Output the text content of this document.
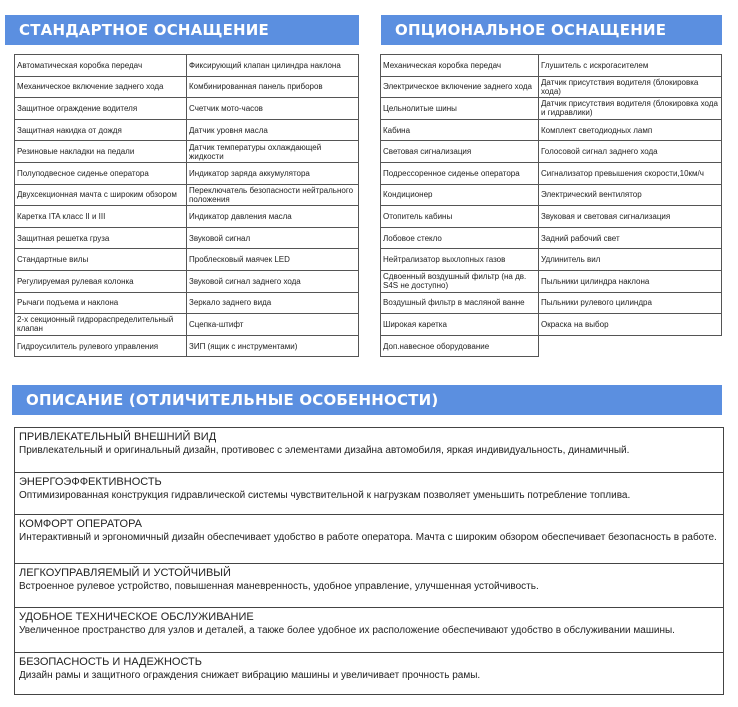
СТАНДАРТНОЕ ОСНАЩЕНИЕ	ОПЦИОНАЛЬНОЕ ОСНАЩЕНИЕ
Автоматическая коробка передач	Фиксирующий клапан цилиндра наклона
Механическое включение заднего хода	Комбинированная панель приборов
Защитное ограждение водителя	Счетчик мото-часов
Защитная накидка от дождя	Датчик уровня масла
Резиновые накладки на педали	Датчик температуры охлаждающей жидкости
Полуподвесное сиденье оператора	Индикатор заряда аккумулятора
Двухсекционная мачта с широким обзором	Переключатель безопасности нейтрального положения
Каретка ITA класс II и III	Индикатор давления масла
Защитная решетка груза	Звуковой сигнал
Стандартные вилы	Проблесковый маячек LED
Регулируемая рулевая колонка	Звуковой сигнал заднего хода
Рычаги подъема и наклона	Зеркало заднего вида
2-х секционный гидрораспределительный клапан	Сцепка-штифт
Гидроусилитель рулевого управления	ЗИП (ящик с инструментами)
Механическая коробка передач	Глушитель с искрогасителем
Электрическое включение заднего хода	Датчик присутствия водителя (блокировка хода)
Цельнолитые шины	Датчик присутствия водителя (блокировка хода и гидравлики)
Кабина	Комплект светодиодных ламп
Световая сигнализация	Голосовой сигнал заднего хода
Подрессоренное сиденье оператора	Сигнализатор превышения скорости,10км/ч
Кондиционер	Электрический вентилятор
Отопитель кабины	Звуковая и световая сигнализация
Лобовое стекло	Задний рабочий свет
Нейтрализатор выхлопных газов	Удлинитель вил
Сдвоенный воздушный фильтр (на дв. S4S не доступно)	Пыльники цилиндра наклона
Воздушный фильтр в масляной ванне	Пыльники рулевого цилиндра
Широкая каретка	Окраска на выбор
Доп.навесное оборудование	
ОПИСАНИЕ (ОТЛИЧИТЕЛЬНЫЕ ОСОБЕННОСТИ)
ПРИВЛЕКАТЕЛЬНЫЙ ВНЕШНИЙ ВИД
Привлекательный и оригинальный дизайн, противовес с элементами дизайна автомобиля, яркая индивидуальность, динамичный.
ЭНЕРГОЭФФЕКТИВНОСТЬ
Оптимизированная конструкция гидравлической системы чувствительной к нагрузкам позволяет уменьшить потребление топлива.
КОМФОРТ ОПЕРАТОРА
Интерактивный и эргономичный дизайн обеспечивает удобство в работе оператора. Мачта с широким обзором обеспечивает безопасность в работе.
ЛЕГКОУПРАВЛЯЕМЫЙ И УСТОЙЧИВЫЙ
Встроенное рулевое устройство, повышенная маневренность, удобное управление, улучшенная устойчивость.
УДОБНОЕ ТЕХНИЧЕСКОЕ ОБСЛУЖИВАНИЕ
Увеличенное пространство для узлов и деталей, а также более удобное их расположение обеспечивают удобство в обслуживании машины.
БЕЗОПАСНОСТЬ И НАДЕЖНОСТЬ
Дизайн рамы и защитного ограждения снижает вибрацию машины и увеличивает прочность рамы.
